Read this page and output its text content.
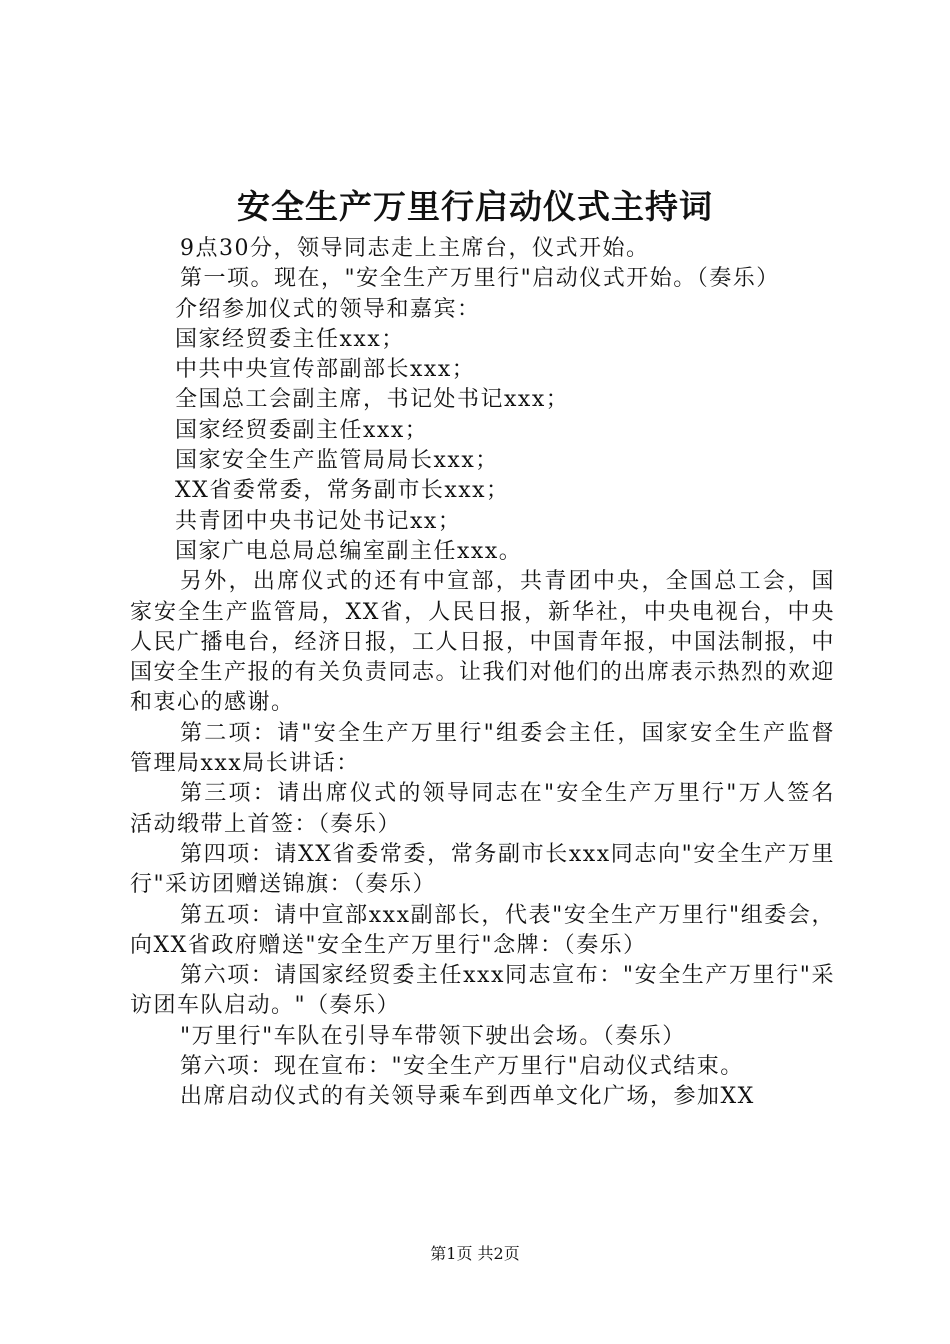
安全生产万里行启动仪式主持词

9点30分，领导同志走上主席台，仪式开始。

第一项。现在，"安全生产万里行"启动仪式开始。（奏乐）

介绍参加仪式的领导和嘉宾：

国家经贸委主任xxx；

中共中央宣传部副部长xxx；

全国总工会副主席，书记处书记xxx；

国家经贸委副主任xxx；

国家安全生产监管局局长xxx；

XX省委常委，常务副市长xxx；

共青团中央书记处书记xx；

国家广电总局总编室副主任xxx。

另外，出席仪式的还有中宣部，共青团中央，全国总工会，国家安全生产监管局，XX省，人民日报，新华社，中央电视台，中央人民广播电台，经济日报，工人日报，中国青年报，中国法制报，中国安全生产报的有关负责同志。让我们对他们的出席表示热烈的欢迎和衷心的感谢。

第二项：请"安全生产万里行"组委会主任，国家安全生产监督管理局xxx局长讲话：

第三项：请出席仪式的领导同志在"安全生产万里行"万人签名活动缎带上首签：（奏乐）

第四项：请XX省委常委，常务副市长xxx同志向"安全生产万里行"采访团赠送锦旗：（奏乐）

第五项：请中宣部xxx副部长，代表"安全生产万里行"组委会，向XX省政府赠送"安全生产万里行"念牌：（奏乐）

第六项：请国家经贸委主任xxx同志宣布："安全生产万里行"采访团车队启动。"（奏乐）

"万里行"车队在引导车带领下驶出会场。（奏乐）

第六项：现在宣布："安全生产万里行"启动仪式结束。

出席启动仪式的有关领导乘车到西单文化广场，参加XX

第1页 共2页
